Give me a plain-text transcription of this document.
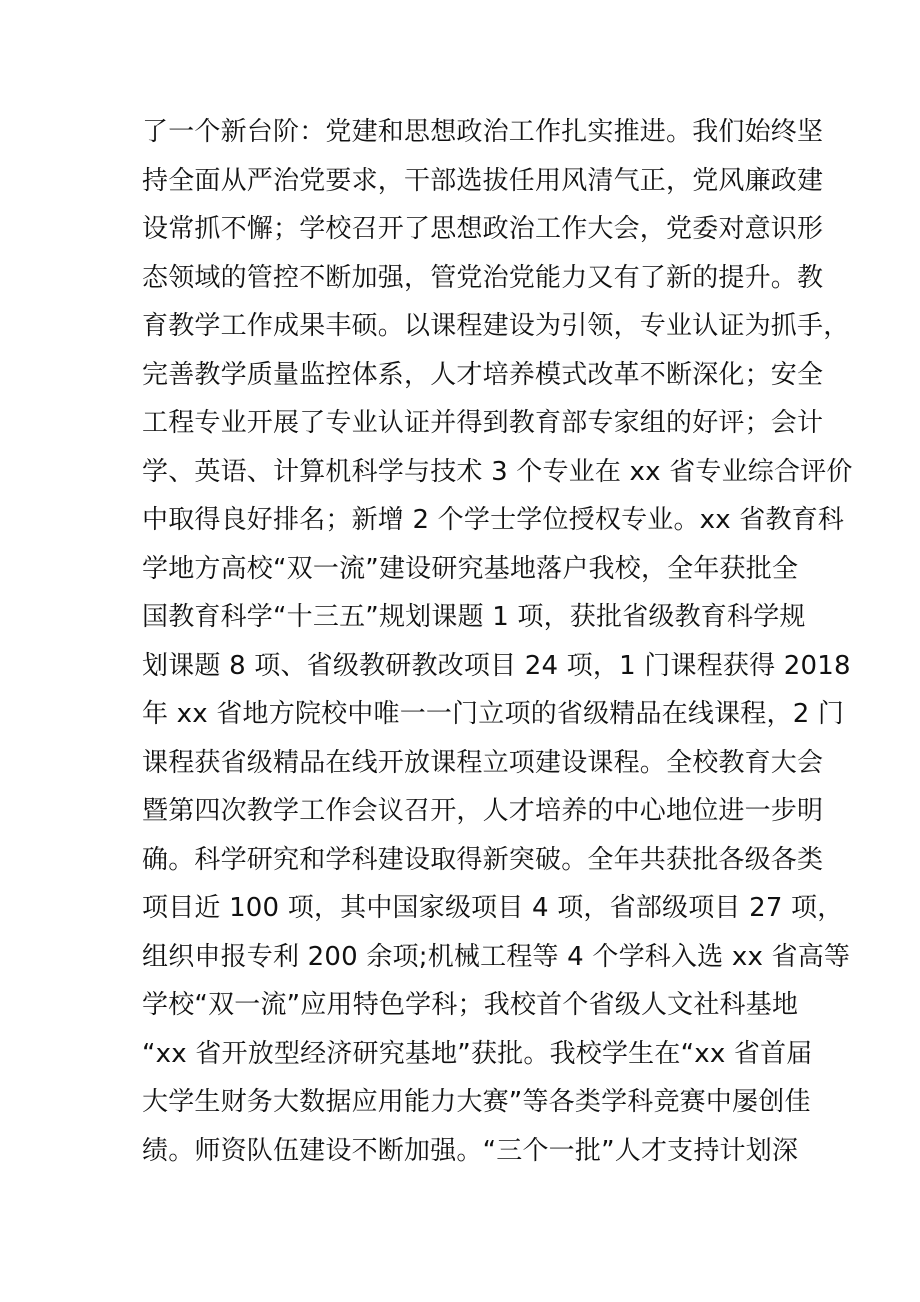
了一个新台阶：党建和思想政治工作扎实推进。我们始终坚
持全面从严治党要求，干部选拔任用风清气正，党风廉政建
设常抓不懈；学校召开了思想政治工作大会，党委对意识形
态领域的管控不断加强，管党治党能力又有了新的提升。教
育教学工作成果丰硕。以课程建设为引领，专业认证为抓手，
完善教学质量监控体系，人才培养模式改革不断深化；安全
工程专业开展了专业认证并得到教育部专家组的好评；会计
学、英语、计算机科学与技术 3 个专业在 xx 省专业综合评价
中取得良好排名；新增 2 个学士学位授权专业。xx 省教育科
学地方高校“双一流”建设研究基地落户我校，全年获批全
国教育科学“十三五”规划课题 1 项，获批省级教育科学规
划课题 8 项、省级教研教改项目 24 项，1 门课程获得 2018
年 xx 省地方院校中唯一一门立项的省级精品在线课程，2 门
课程获省级精品在线开放课程立项建设课程。全校教育大会
暨第四次教学工作会议召开，人才培养的中心地位进一步明
确。科学研究和学科建设取得新突破。全年共获批各级各类
项目近 100 项，其中国家级项目 4 项，省部级项目 27 项，
组织申报专利 200 余项;机械工程等 4 个学科入选 xx 省高等
学校“双一流”应用特色学科；我校首个省级人文社科基地
“xx 省开放型经济研究基地”获批。我校学生在“xx 省首届
大学生财务大数据应用能力大赛”等各类学科竞赛中屡创佳
绩。师资队伍建设不断加强。“三个一批”人才支持计划深
